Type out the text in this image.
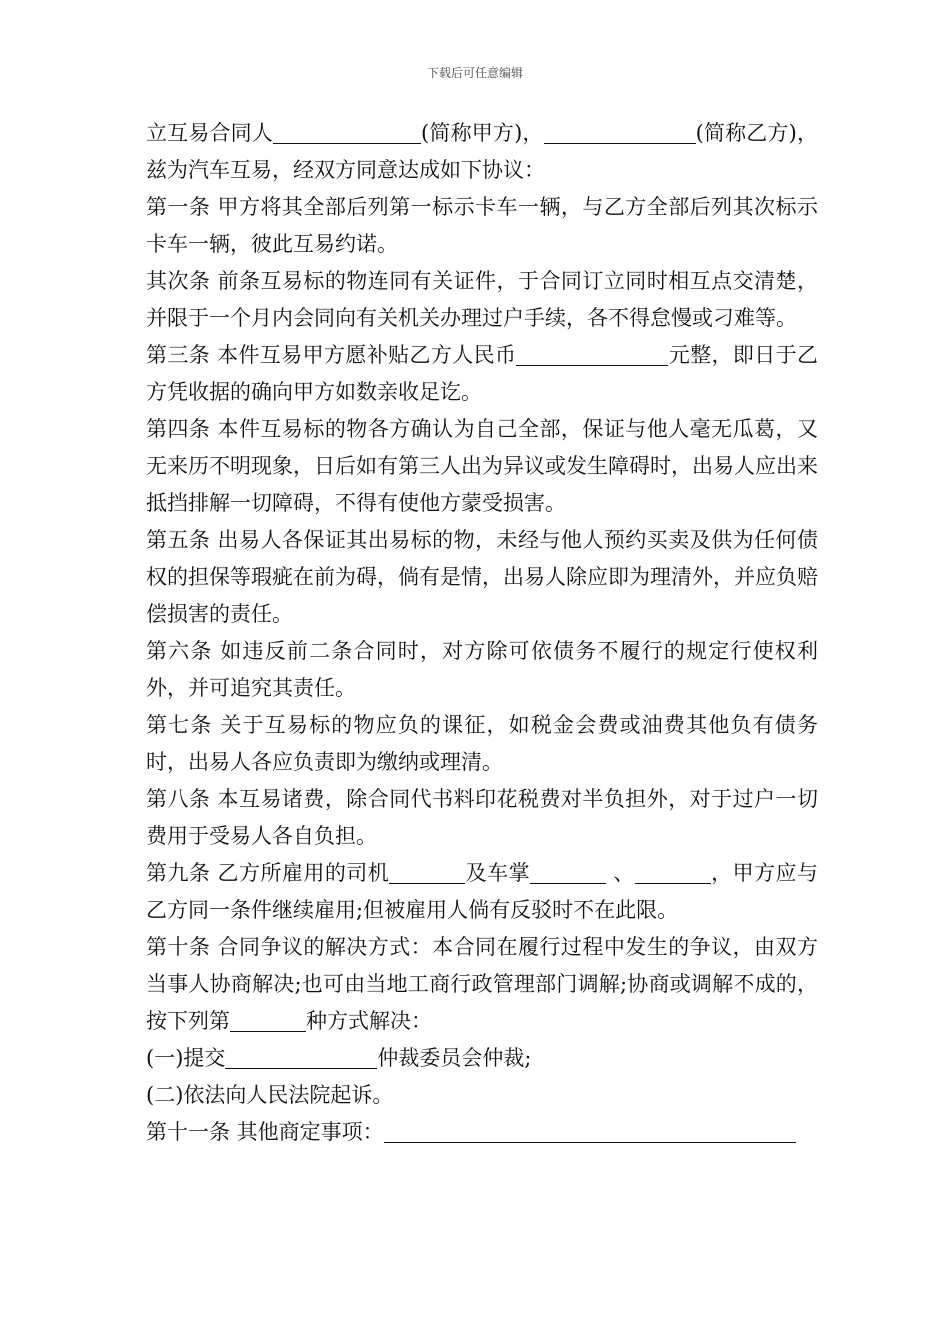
下载后可任意编辑

立互易合同人	(简称甲方)，	(简称乙方)，兹为汽车互易，经双方同意达成如下协议：

第一条 甲方将其全部后列第一标示卡车一辆，与乙方全部后列其次标示卡车一辆，彼此互易约诺。

其次条 前条互易标的物连同有关证件，于合同订立同时相互点交清楚，并限于一个月内会同向有关机关办理过户手续，各不得怠慢或刁难等。

第三条 本件互易甲方愿补贴乙方人民币	元整，即日于乙方凭收据的确向甲方如数亲收足讫。

第四条 本件互易标的物各方确认为自己全部，保证与他人毫无瓜葛，又无来历不明现象，日后如有第三人出为异议或发生障碍时，出易人应出来抵挡排解一切障碍，不得有使他方蒙受损害。

第五条 出易人各保证其出易标的物，未经与他人预约买卖及供为任何债权的担保等瑕疵在前为碍，倘有是情，出易人除应即为理清外，并应负赔偿损害的责任。

第六条 如违反前二条合同时，对方除可依债务不履行的规定行使权利外，并可追究其责任。

第七条 关于互易标的物应负的课征，如税金会费或油费其他负有债务时，出易人各应负责即为缴纳或理清。

第八条 本互易诸费，除合同代书料印花税费对半负担外，对于过户一切费用于受易人各自负担。

第九条 乙方所雇用的司机	及车掌	、	，甲方应与乙方同一条件继续雇用;但被雇用人倘有反驳时不在此限。

第十条 合同争议的解决方式：本合同在履行过程中发生的争议，由双方当事人协商解决;也可由当地工商行政管理部门调解;协商或调解不成的，按下列第	种方式解决：

(一)提交	仲裁委员会仲裁;

(二)依法向人民法院起诉。

第十一条 其他商定事项：
